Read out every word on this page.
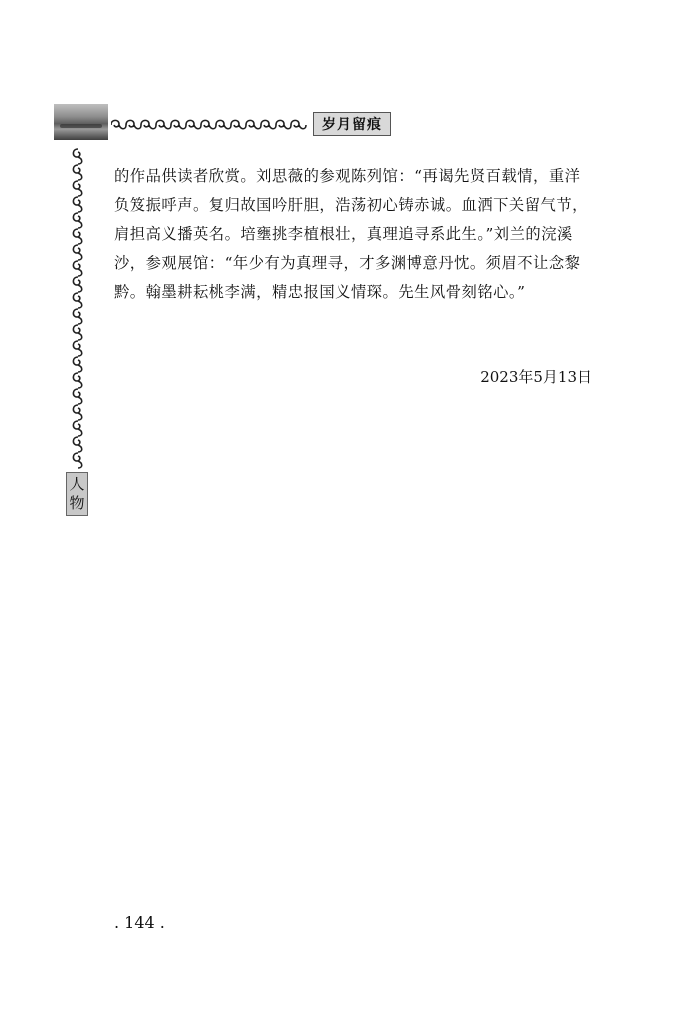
岁月留痕
人
物

的作品供读者欣赏。刘思薇的参观陈列馆：“再谒先贤百载情，重洋负笈振呼声。复归故国吟肝胆，浩荡初心铸赤诚。血洒下关留气节，肩担高义播英名。培壅挑李植根壮，真理追寻系此生。”刘兰的浣溪沙，参观展馆：“年少有为真理寻，才多渊博意丹忱。须眉不让念黎黔。翰墨耕耘桃李满，精忠报国义情琛。先生风骨刻铭心。”

2023年5月13日
. 144 .
